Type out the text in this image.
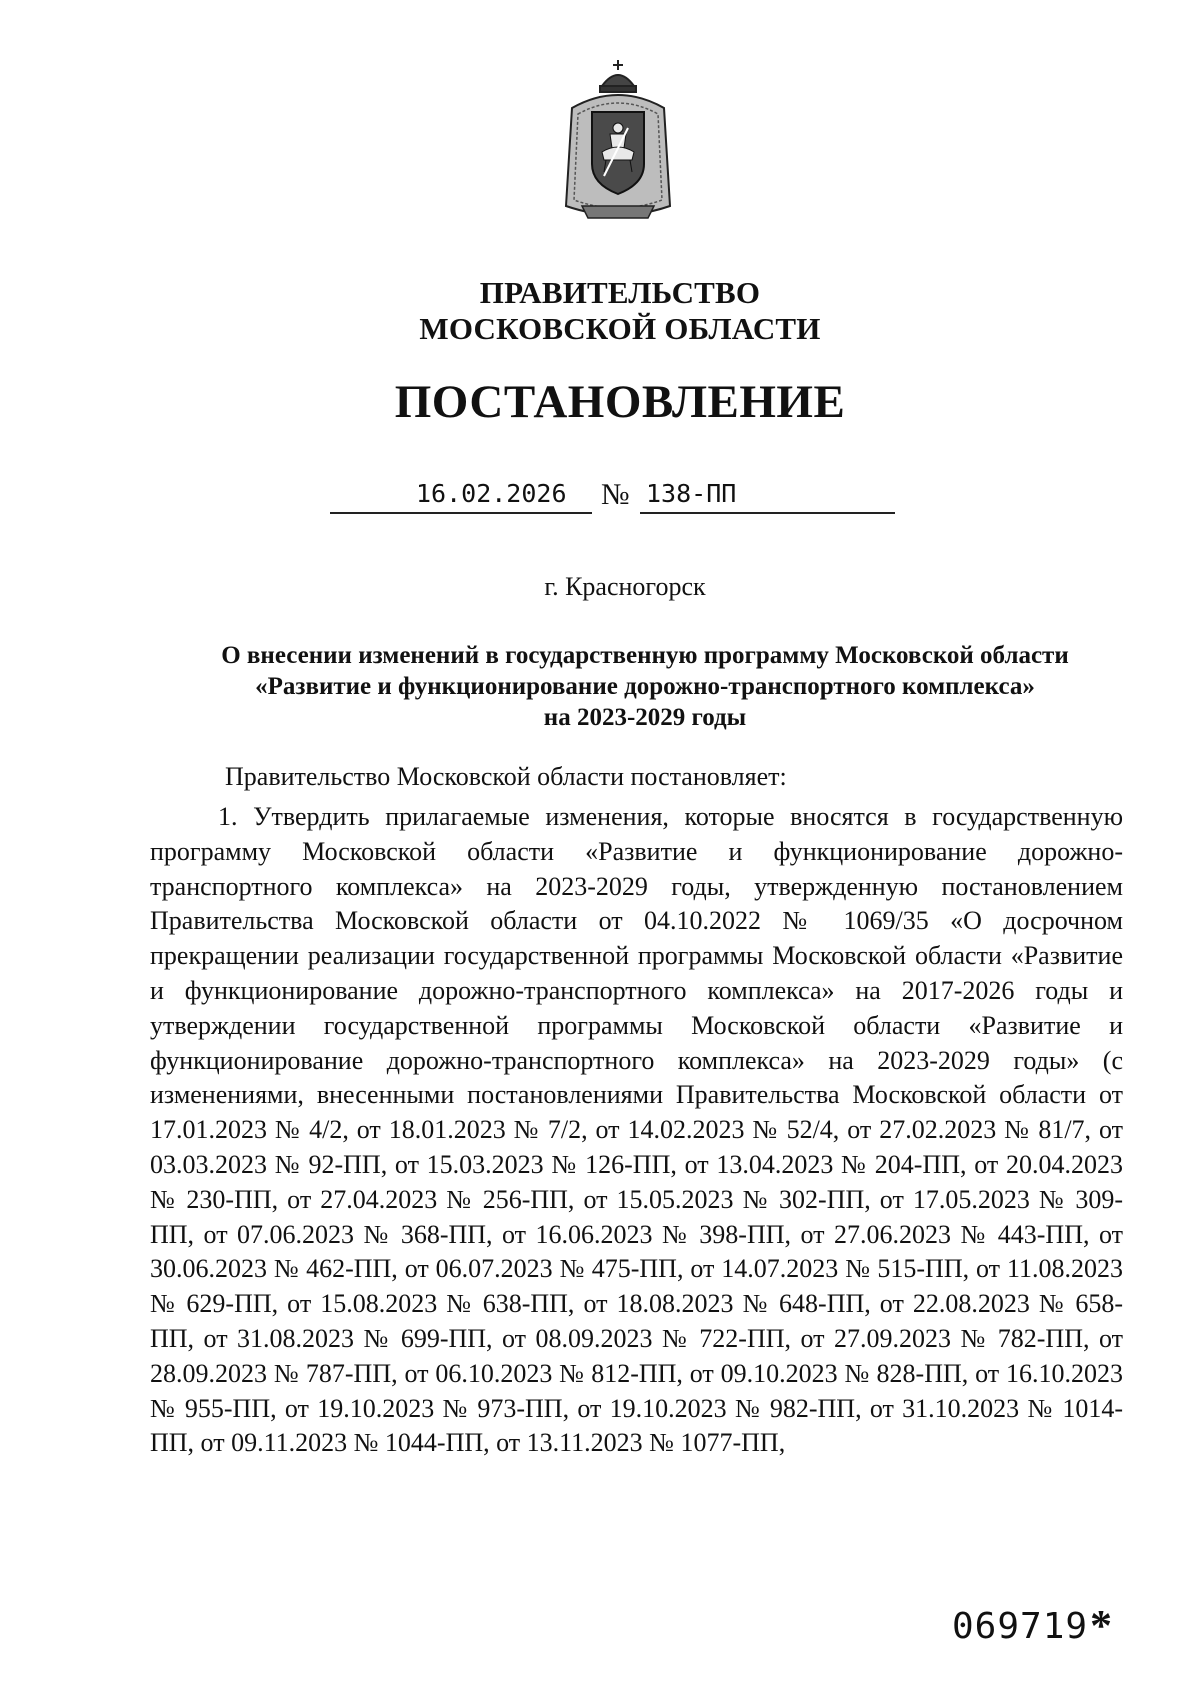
ПРАВИТЕЛЬСТВО
МОСКОВСКОЙ ОБЛАСТИ
ПОСТАНОВЛЕНИЕ
16.02.2026 № 138-ПП
г. Красногорск
О внесении изменений в государственную программу Московской области
«Развитие и функционирование дорожно-транспортного комплекса»
на 2023-2029 годы
Правительство Московской области постановляет:

1. Утвердить прилагаемые изменения, которые вносятся в государственную программу Московской области «Развитие и функционирование дорожно-транспортного комплекса» на 2023-2029 годы, утвержденную постановлением Правительства Московской области от 04.10.2022 № 1069/35 «О досрочном прекращении реализации государственной программы Московской области «Развитие и функционирование дорожно-транспортного комплекса» на 2017-2026 годы и утверждении государственной программы Московской области «Развитие и функционирование дорожно-транспортного комплекса» на 2023-2029 годы» (с изменениями, внесенными постановлениями Правительства Московской области от 17.01.2023 № 4/2, от 18.01.2023 № 7/2, от 14.02.2023 № 52/4, от 27.02.2023 № 81/7, от 03.03.2023 № 92-ПП, от 15.03.2023 № 126-ПП, от 13.04.2023 № 204-ПП, от 20.04.2023 № 230-ПП, от 27.04.2023 № 256-ПП, от 15.05.2023 № 302-ПП, от 17.05.2023 № 309-ПП, от 07.06.2023 № 368-ПП, от 16.06.2023 № 398-ПП, от 27.06.2023 № 443-ПП, от 30.06.2023 № 462-ПП, от 06.07.2023 № 475-ПП, от 14.07.2023 № 515-ПП, от 11.08.2023 № 629-ПП, от 15.08.2023 № 638-ПП, от 18.08.2023 № 648-ПП, от 22.08.2023 № 658-ПП, от 31.08.2023 № 699-ПП, от 08.09.2023 № 722-ПП, от 27.09.2023 № 782-ПП, от 28.09.2023 № 787-ПП, от 06.10.2023 № 812-ПП, от 09.10.2023 № 828-ПП, от 16.10.2023 № 955-ПП, от 19.10.2023 № 973-ПП, от 19.10.2023 № 982-ПП, от 31.10.2023 № 1014-ПП, от 09.11.2023 № 1044-ПП, от 13.11.2023 № 1077-ПП,

069719 *
